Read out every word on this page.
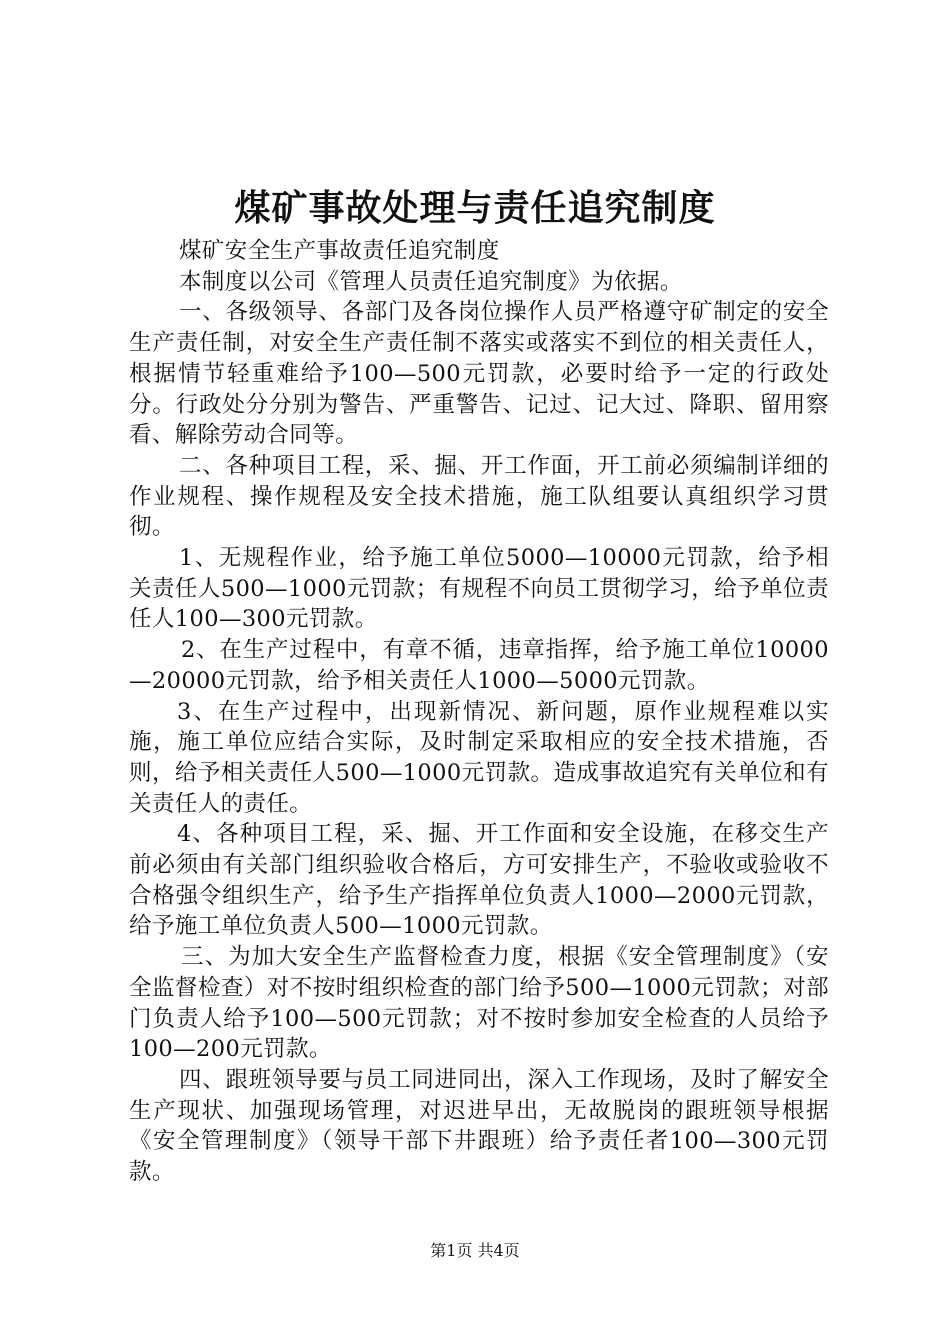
煤矿事故处理与责任追究制度

煤矿安全生产事故责任追究制度

本制度以公司《管理人员责任追究制度》为依据。

一、各级领导、各部门及各岗位操作人员严格遵守矿制定的安全生产责任制，对安全生产责任制不落实或落实不到位的相关责任人，根据情节轻重难给予100—500元罚款，必要时给予一定的行政处分。行政处分分别为警告、严重警告、记过、记大过、降职、留用察看、解除劳动合同等。

二、各种项目工程，采、掘、开工作面，开工前必须编制详细的作业规程、操作规程及安全技术措施，施工队组要认真组织学习贯彻。

1、无规程作业，给予施工单位5000—10000元罚款，给予相关责任人500—1000元罚款；有规程不向员工贯彻学习，给予单位责任人100—300元罚款。

2、在生产过程中，有章不循，违章指挥，给予施工单位10000—20000元罚款，给予相关责任人1000—5000元罚款。

3、在生产过程中，出现新情况、新问题，原作业规程难以实施，施工单位应结合实际，及时制定采取相应的安全技术措施，否则，给予相关责任人500—1000元罚款。造成事故追究有关单位和有关责任人的责任。

4、各种项目工程，采、掘、开工作面和安全设施，在移交生产前必须由有关部门组织验收合格后，方可安排生产，不验收或验收不合格强令组织生产，给予生产指挥单位负责人1000—2000元罚款，给予施工单位负责人500—1000元罚款。

三、为加大安全生产监督检查力度，根据《安全管理制度》（安全监督检查）对不按时组织检查的部门给予500—1000元罚款；对部门负责人给予100—500元罚款；对不按时参加安全检查的人员给予100—200元罚款。

四、跟班领导要与员工同进同出，深入工作现场，及时了解安全生产现状、加强现场管理，对迟进早出，无故脱岗的跟班领导根据《安全管理制度》（领导干部下井跟班）给予责任者100—300元罚款。

第1页 共4页
